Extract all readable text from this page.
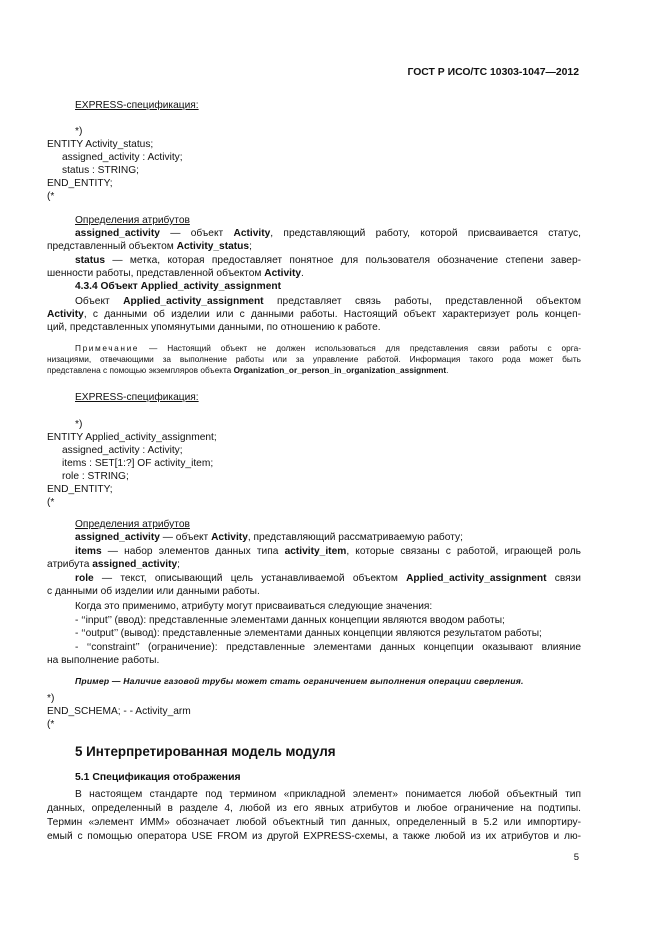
ГОСТ Р ИСО/ТС 10303-1047—2012
EXPRESS-спецификация:
*)
ENTITY Activity_status;
assigned_activity : Activity;
status : STRING;
END_ENTITY;
(*
Определения атрибутов
assigned_activity — объект Activity, представляющий работу, которой присваивается статус,
представленный объектом Activity_status;
status — метка, которая предоставляет понятное для пользователя обозначение степени завер-
шенности работы, представленной объектом Activity.
4.3.4 Объект Applied_activity_assignment
Объект Applied_activity_assignment представляет связь работы, представленной объектом
Activity, с данными об изделии или с данными работы. Настоящий объект характеризует роль концеп-
ций, представленных упомянутыми данными, по отношению к работе.
Примечание — Настоящий объект не должен использоваться для представления связи работы с орга-
низациями, отвечающими за выполнение работы или за управление работой. Информация такого рода может быть
представлена с помощью экземпляров объекта Organization_or_person_in_organization_assignment.
EXPRESS-спецификация:
*)
ENTITY Applied_activity_assignment;
assigned_activity : Activity;
items : SET[1:?] OF activity_item;
role : STRING;
END_ENTITY;
(*
Определения атрибутов
assigned_activity — объект Activity, представляющий рассматриваемую работу;
items — набор элементов данных типа activity_item, которые связаны с работой, играющей роль
атрибута assigned_activity;
role — текст, описывающий цель устанавливаемой объектом Applied_activity_assignment связи
с данными об изделии или данными работы.
Когда это применимо, атрибуту могут присваиваться следующие значения:
- ‘‘input’’ (ввод): представленные элементами данных концепции являются вводом работы;
- ‘‘output’’ (вывод): представленные элементами данных концепции являются результатом работы;
- ‘‘constraint’’ (ограничение): представленные элементами данных концепции оказывают влияние
на выполнение работы.
Пример — Наличие газовой трубы может стать ограничением выполнения операции сверления.
*)
END_SCHEMA; - - Activity_arm
(*
5 Интерпретированная модель модуля
5.1 Спецификация отображения
В настоящем стандарте под термином «прикладной элемент» понимается любой объектный тип
данных, определенный в разделе 4, любой из его явных атрибутов и любое ограничение на подтипы.
Термин «элемент ИММ» обозначает любой объектный тип данных, определенный в 5.2 или импортиру-
емый с помощью оператора USE FROM из другой EXPRESS-схемы, а также любой из их атрибутов и лю-
5
